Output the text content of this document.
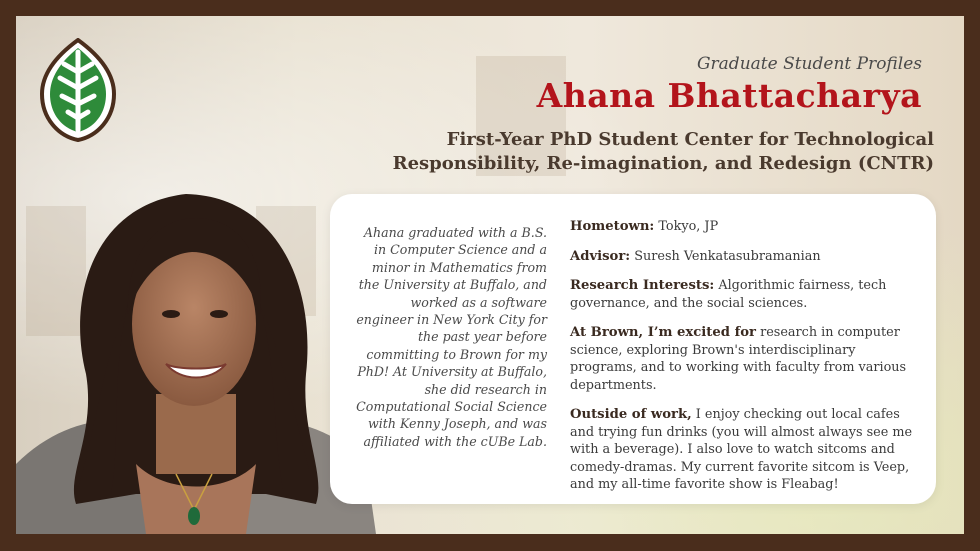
Graduate Student Profiles
Ahana Bhattacharya
First-Year PhD Student Center for Technological
Responsibility, Re-imagination, and Redesign (CNTR)
Ahana graduated with a B.S. in Computer Science and a minor in Mathematics from the University at Buffalo, and worked as a software engineer in New York City for the past year before committing to Brown for my PhD! At University at Buffalo, she did research in Computational Social Science with Kenny Joseph, and was affiliated with the cUBe Lab.

Hometown: Tokyo, JP

Advisor: Suresh Venkatasubramanian

Research Interests: Algorithmic fairness, tech governance, and the social sciences.

At Brown, I’m excited for research in computer science, exploring Brown's interdisciplinary programs, and to working with faculty from various departments.

Outside of work, I enjoy checking out local cafes and trying fun drinks (you will almost always see me with a beverage). I also love to watch sitcoms and comedy-dramas. My current favorite sitcom is Veep, and my all-time favorite show is Fleabag!
